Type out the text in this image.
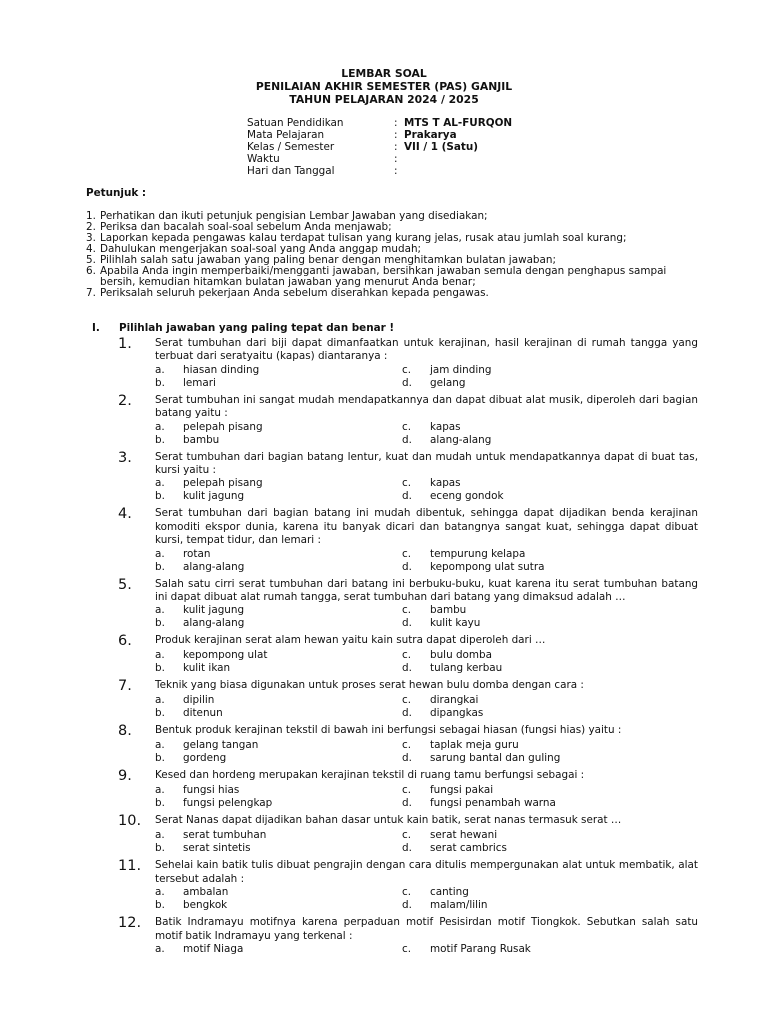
LEMBAR SOAL
PENILAIAN AKHIR SEMESTER (PAS) GANJIL
TAHUN PELAJARAN 2024 / 2025
Satuan Pendidikan	: MTS T AL-FURQON
Mata Pelajaran	: Prakarya
Kelas / Semester	: VII / 1 (Satu)
Waktu	:
Hari dan Tanggal	:
Petunjuk :
1. Perhatikan dan ikuti petunjuk pengisian Lembar Jawaban yang disediakan;
2. Periksa dan bacalah soal-soal sebelum Anda menjawab;
3. Laporkan kepada pengawas kalau terdapat tulisan yang kurang jelas, rusak atau jumlah soal kurang;
4. Dahulukan mengerjakan soal-soal yang Anda anggap mudah;
5. Pilihlah salah satu jawaban yang paling benar dengan menghitamkan bulatan jawaban;
6. Apabila Anda ingin memperbaiki/mengganti jawaban, bersihkan jawaban semula dengan penghapus sampai
bersih, kemudian hitamkan bulatan jawaban yang menurut Anda benar;
7. Periksalah seluruh pekerjaan Anda sebelum diserahkan kepada pengawas.
I.	Pilihlah jawaban yang paling tepat dan benar !
1.	Serat tumbuhan dari biji dapat dimanfaatkan untuk kerajinan, hasil kerajinan di rumah tangga yang terbuat dari seratyaitu (kapas) diantaranya :
a.	hiasan dinding	c.	jam dinding
b.	lemari	d.	gelang
2.	Serat tumbuhan ini sangat mudah mendapatkannya dan dapat dibuat alat musik, diperoleh dari bagian batang yaitu :
a.	pelepah pisang	c.	kapas
b.	bambu	d.	alang-alang
3.	Serat tumbuhan dari bagian batang lentur, kuat dan mudah untuk mendapatkannya dapat di buat tas, kursi yaitu :
a.	pelepah pisang	c.	kapas
b.	kulit jagung	d.	eceng gondok
4.	Serat tumbuhan dari bagian batang ini mudah dibentuk, sehingga dapat dijadikan benda kerajinan komoditi ekspor dunia, karena itu banyak dicari dan batangnya sangat kuat, sehingga dapat dibuat kursi, tempat tidur, dan lemari :
a.	rotan	c.	tempurung kelapa
b.	alang-alang	d.	kepompong ulat sutra
5.	Salah satu cirri serat tumbuhan dari batang ini berbuku-buku, kuat karena itu serat tumbuhan batang ini dapat dibuat alat rumah tangga, serat tumbuhan dari batang yang dimaksud adalah …
a.	kulit jagung	c.	bambu
b.	alang-alang	d.	kulit kayu
6.	Produk kerajinan serat alam hewan yaitu kain sutra dapat diperoleh dari …
a.	kepompong ulat	c.	bulu domba
b.	kulit ikan	d.	tulang kerbau
7.	Teknik yang biasa digunakan untuk proses serat hewan bulu domba dengan cara :
a.	dipilin	c.	dirangkai
b.	ditenun	d.	dipangkas
8.	Bentuk produk kerajinan tekstil di bawah ini berfungsi sebagai hiasan (fungsi hias) yaitu :
a.	gelang tangan	c.	taplak meja guru
b.	gordeng	d.	sarung bantal dan guling
9.	Kesed dan hordeng merupakan kerajinan tekstil di ruang tamu berfungsi sebagai :
a.	fungsi hias	c.	fungsi pakai
b.	fungsi pelengkap	d.	fungsi penambah warna
10.	Serat Nanas dapat dijadikan bahan dasar untuk kain batik, serat nanas termasuk serat …
a.	serat tumbuhan	c.	serat hewani
b.	serat sintetis	d.	serat cambrics
11.	Sehelai kain batik tulis dibuat pengrajin dengan cara ditulis mempergunakan alat untuk membatik, alat tersebut adalah :
a.	ambalan	c.	canting
b.	bengkok	d.	malam/lilin
12.	Batik Indramayu motifnya karena perpaduan motif Pesisirdan motif Tiongkok. Sebutkan salah satu motif batik Indramayu yang terkenal :
a.	motif Niaga	c.	motif Parang Rusak
